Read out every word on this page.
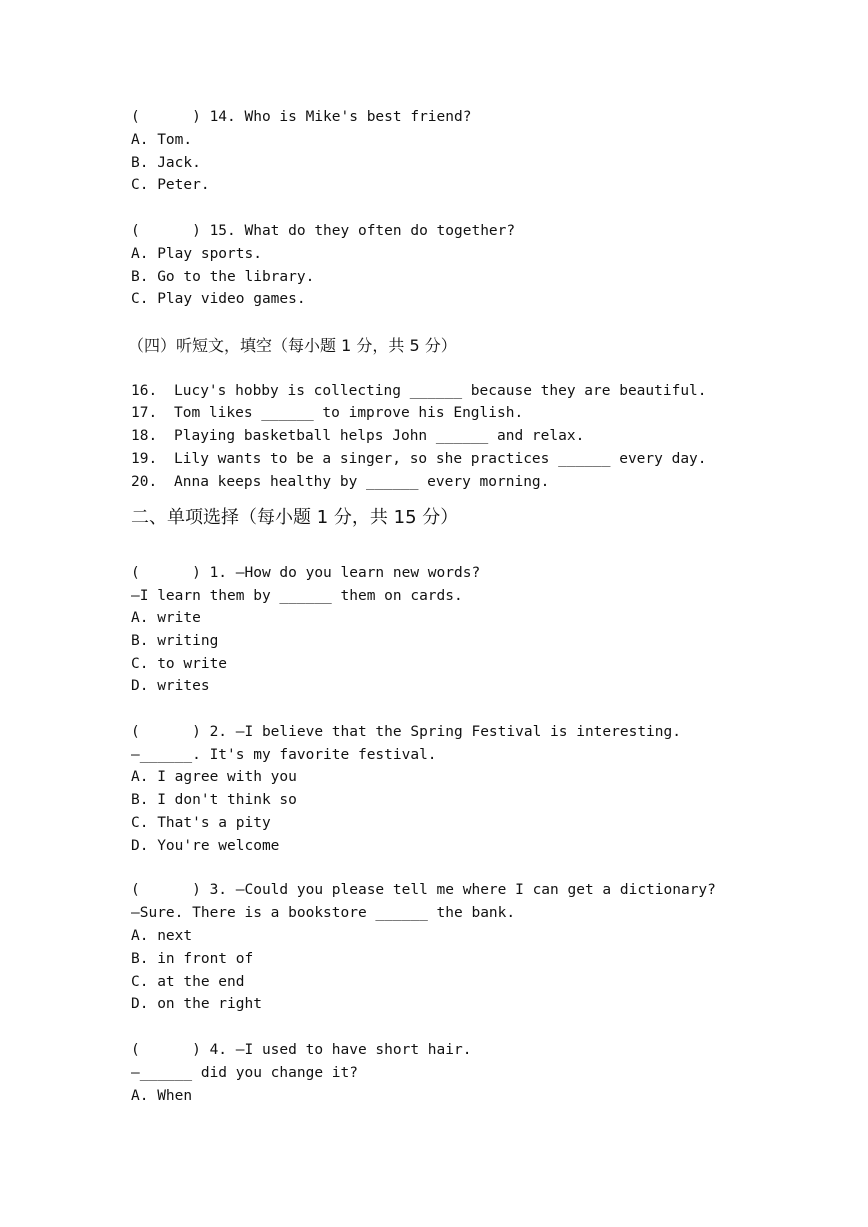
(      ) 14. Who is Mike's best friend?
A. Tom.
B. Jack.
C. Peter.
(      ) 15. What do they often do together?
A. Play sports.
B. Go to the library.
C. Play video games.
（四）听短文，填空（每小题 1 分，共 5 分）
16. Lucy's hobby is collecting ______ because they are beautiful.
17. Tom likes ______ to improve his English.
18. Playing basketball helps John ______ and relax.
19. Lily wants to be a singer, so she practices ______ every day.
20. Anna keeps healthy by ______ every morning.
二、单项选择（每小题 1 分，共 15 分）
(      ) 1. —How do you learn new words?
—I learn them by ______ them on cards.
A. write
B. writing
C. to write
D. writes
(      ) 2. —I believe that the Spring Festival is interesting.
—______. It's my favorite festival.
A. I agree with you
B. I don't think so
C. That's a pity
D. You're welcome
(      ) 3. —Could you please tell me where I can get a dictionary?
—Sure. There is a bookstore ______ the bank.
A. next
B. in front of
C. at the end
D. on the right
(      ) 4. —I used to have short hair.
—______ did you change it?
A. When
